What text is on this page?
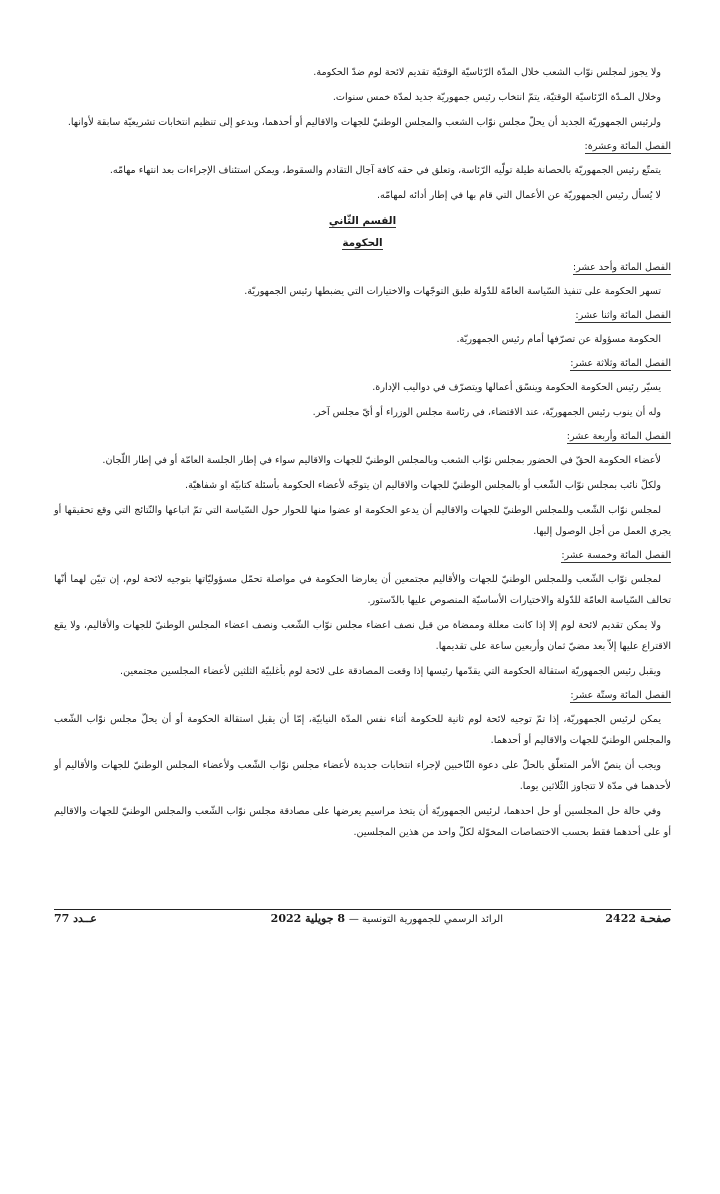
ولا يجوز لمجلس نوّاب الشعب خلال المدّة الرّئاسيّة الوقتيّة تقديم لائحة لوم ضدّ الحكومة.

وخلال المـدّة الرّئاسيّة الوقتيّة، يتمّ انتخاب رئيس جمهوريّة جديد لمدّة خمس سنوات.

ولرئيس الجمهوريّة الجديد أن يحلّ مجلس نوّاب الشعب والمجلس الوطنيّ للجهات والاقاليم أو أحدهما، ويدعو إلى تنظيم انتخابات تشريعيّة سابقة لأوانها.

الفصل المائة وعشرة:

يتمتّع رئيس الجمهوريّة بالحصانة طيلة تولّيه الرّئاسة، وتعلق في حقه كافة آجال التقادم والسقوط، ويمكن استئناف الإجراءات بعد انتهاء مهامّه.

لا يُسأل رئيس الجمهوريّة عن الأعمال التي قام بها في إطار أدائه لمهامّه.

القسم الثّاني

الحكومة

الفصل المائة وأحد عشر:

تسهر الحكومة على تنفيذ السّياسة العامّة للدّولة طبق التوجّهات والاختيارات التي يضبطها رئيس الجمهوريّة.

الفصل المائة واثنا عشر:

الحكومة مسؤولة عن تصرّفها أمام رئيس الجمهوريّة.

الفصل المائة وثلاثة عشر:

يسيّر رئيس الحكومة الحكومة وينسّق أعمالها ويتصرّف في دواليب الإدارة.

وله أن ينوب رئيس الجمهوريّة، عند الاقتضاء، في رئاسة مجلس الوزراء أو أيّ مجلس آخر.

الفصل المائة وأربعة عشر:

لأعضاء الحكومة الحقّ في الحضور بمجلس نوّاب الشعب وبالمجلس الوطنيّ للجهات والاقاليم سواء في إطار الجلسة العامّة أو في إطار اللّجان.

ولكلّ نائب بمجلس نوّاب الشّعب أو بالمجلس الوطنيّ للجهات والاقاليم ان يتوجّه لأعضاء الحكومة بأسئلة كتابيّة او شفاهيّة.

لمجلس نوّاب الشّعب وللمجلس الوطنيّ للجهات والاقاليم أن يدعو الحكومة او عضوا منها للحوار حول السّياسة التي تمّ اتباعها والنّتائج التي وقع تحقيقها أو يجري العمل من أجل الوصول إليها.

الفصل المائة وخمسة عشر:

لمجلس نوّاب الشّعب وللمجلس الوطنيّ للجهات والأقاليم مجتمعين أن يعارضا الحكومة في مواصلة تحمّل مسؤوليّاتها بتوجيه لائحة لوم، إن تبيّن لهما أنّها تخالف السّياسة العامّة للدّولة والاختيارات الأساسيّة المنصوص عليها بالدّستور.

ولا يمكن تقديم لائحة لوم إلا إذا كانت معللة وممضاة من قبل نصف اعضاء مجلس نوّاب الشّعب ونصف اعضاء المجلس الوطنيّ للجهات والأقاليم، ولا يقع الاقتراع عليها إلاّ بعد مضيّ ثمان وأربعين ساعة على تقديمها.

ويقبل رئيس الجمهوريّة استقالة الحكومة التي يقدّمها رئيسها إذا وقعت المصادقة على لائحة لوم بأغلبيّة الثلثين لأعضاء المجلسين مجتمعين.

الفصل المائة وستّة عشر:

يمكن لرئيس الجمهوريّة، إذا تمّ توجيه لائحة لوم ثانية للحكومة أثناء نفس المدّة النيابيّة، إمّا أن يقبل استقالة الحكومة أو أن يحلّ مجلس نوّاب الشّعب والمجلس الوطنيّ للجهات والاقاليم أو أحدهما.

ويجب أن ينصّ الأمر المتعلّق بالحلّ على دعوة النّاخبين لإجراء انتخابات جديدة لأعضاء مجلس نوّاب الشّعب ولأعضاء المجلس الوطنيّ للجهات والأقاليم أو لأحدهما في مدّة لا تتجاوز الثّلاثين يوما.

وفي حالة حل المجلسين أو حل احدهما، لرئيس الجمهوريّة أن يتخذ مراسيم يعرضها على مصادقة مجلس نوّاب الشّعب والمجلس الوطنيّ للجهات والاقاليم أو على أحدهما فقط بحسب الاختصاصات المخوّلة لكلّ واحد من هذين المجلسين.

صفحـة 2422
الرائد الرسمي للجمهورية التونسية — 8 جويلية 2022
عــدد 77
